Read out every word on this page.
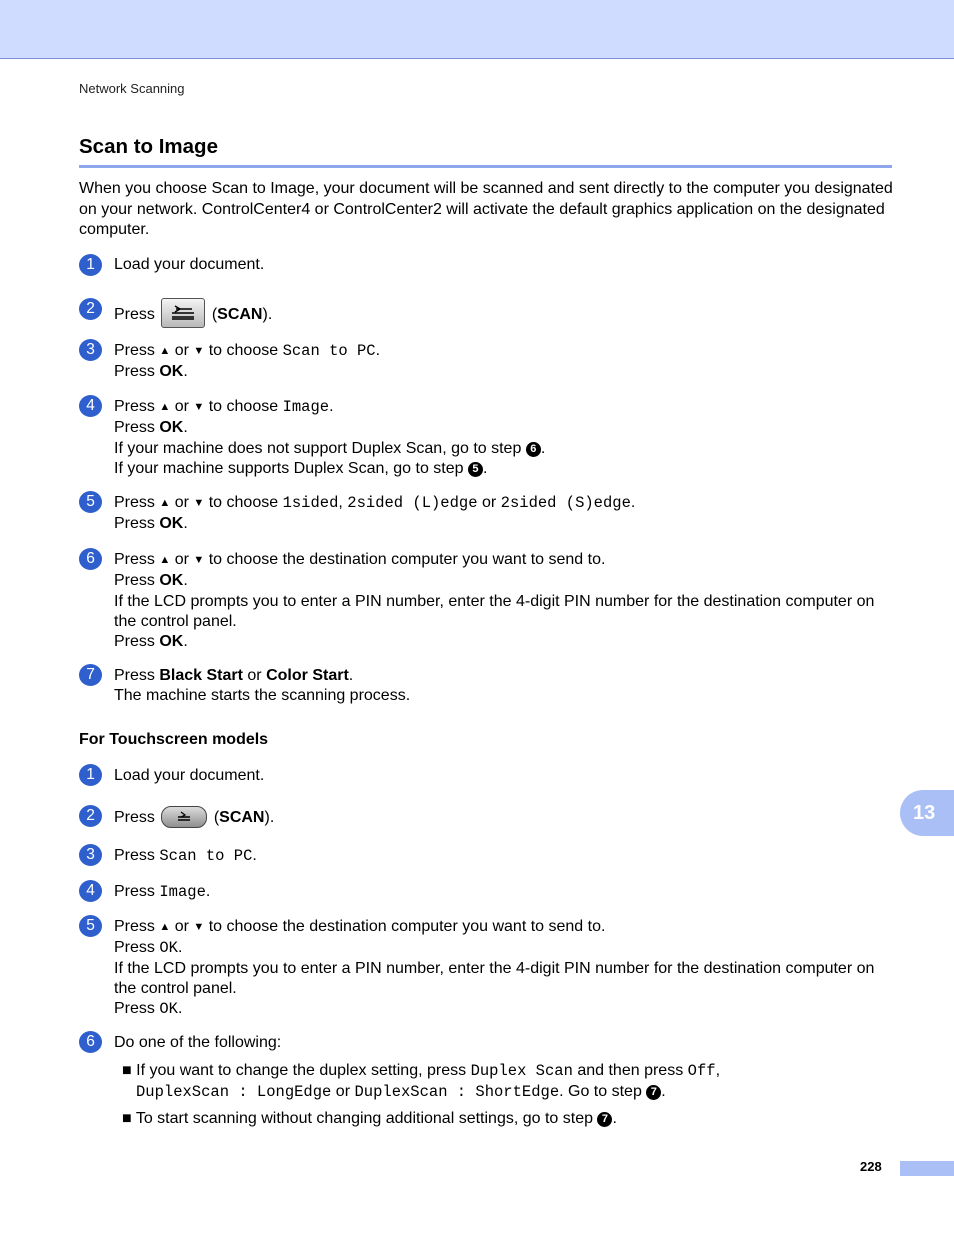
Network Scanning
Scan to Image

When you choose Scan to Image, your document will be scanned and sent directly to the computer you designated on your network. ControlCenter4 or ControlCenter2 will activate the default graphics application on the designated computer.

1	Load your document.
2	Press	(SCAN).
3	Press ▲ or ▼ to choose Scan to PC.
Press OK.
4	Press ▲ or ▼ to choose Image.
Press OK.
If your machine does not support Duplex Scan, go to step 6 .
If your machine supports Duplex Scan, go to step 5 .
5	Press ▲ or ▼ to choose 1sided, 2sided (L)edge or 2sided (S)edge.
Press OK.
6	Press ▲ or ▼ to choose the destination computer you want to send to.
Press OK.
If the LCD prompts you to enter a PIN number, enter the 4-digit PIN number for the destination computer on the control panel.
Press OK.
7	Press Black Start or Color Start.
The machine starts the scanning process.
For Touchscreen models
1	Load your document.
2	Press	(SCAN).
3	Press Scan to PC.
4	Press Image.
5	Press ▲ or ▼ to choose the destination computer you want to send to.
Press OK.
If the LCD prompts you to enter a PIN number, enter the 4-digit PIN number for the destination computer on the control panel.
Press OK.
6	Do one of the following:
■ If you want to change the duplex setting, press Duplex Scan and then press Off,
DuplexScan : LongEdge or DuplexScan : ShortEdge. Go to step 7 .
■ To start scanning without changing additional settings, go to step 7 .
13
228
